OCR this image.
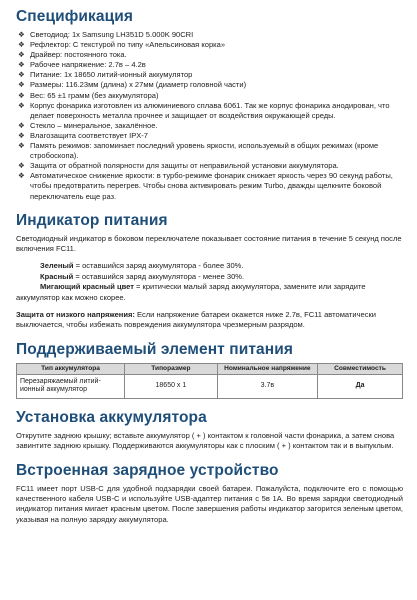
Спецификация
❖ Светодиод: 1x Samsung LH351D 5.000K 90CRI
❖ Рефлектор: С текстурой по типу «Апельсиновая корка»
❖ Драйвер: постоянного тока.
❖ Рабочее напряжение: 2.7в – 4.2в
❖ Питание: 1x 18650 литий-ионный аккумулятор
❖ Размеры: 116.23мм (длина) x 27мм (диаметр головной части)
❖ Вес: 65 ±1 грамм (без аккумулятора)
❖ Корпус фонарика изготовлен из алюминиевого сплава 6061. Так же корпус фонарика анодирован, что делает поверхность металла прочнее и защищает от воздействия окружающей среды.
❖ Стекло – минеральное, закалённое.
❖ Влагозащита соответствует IPX-7
❖ Память режимов: запоминает последний уровень яркости, используемый в общих режимах (кроме стробоскопа).
❖ Защита от обратной полярности для защиты от неправильной установки аккумулятора.
❖ Автоматическое снижение яркости: в турбо-режиме фонарик снижает яркость через 90 секунд работы, чтобы предотвратить перегрев. Чтобы снова активировать режим Turbo, дважды щелкните боковой переключатель еще раз.
Индикатор питания

Светодиодный индикатор в боковом переключателе показывает состояние питания в течение 5 секунд после включения FC11.

Зеленый = оставшийся заряд аккумулятора - более 30%.

Красный = оставшийся заряд аккумулятора - менее 30%.

Мигающий красный цвет = критически малый заряд аккумулятора, замените или зарядите аккумулятор как можно скорее.

Защита от низкого напряжения: Если напряжение батареи окажется ниже 2.7в, FC11 автоматически выключается, чтобы избежать повреждения аккумулятора чрезмерным разрядом.

Поддерживаемый элемент питания
Тип аккумулятора	Типоразмер	Номинальное напряжение	Совместимость
Перезаряжаемый литий-ионный аккумулятор	18650 x 1	3.7в	Да
Установка аккумулятора

Открутите заднюю крышку; вставьте аккумулятор ( + ) контактом к головной части фонарика, а затем снова завинтите заднюю крышку. Поддерживаются аккумуляторы как с плоским ( + ) контактом так и в выпуклым.

Встроенная зарядное устройство

FC11 имеет порт USB-C для удобной подзарядки своей батареи. Пожалуйста, подключите его с помощью качественного кабеля USB-C и используйте USB-адаптер питания с 5в 1А. Во время зарядки светодиодный индикатор питания мигает красным цветом. После завершения работы индикатор загорится зеленым цветом, указывая на полную зарядку аккумулятора.
